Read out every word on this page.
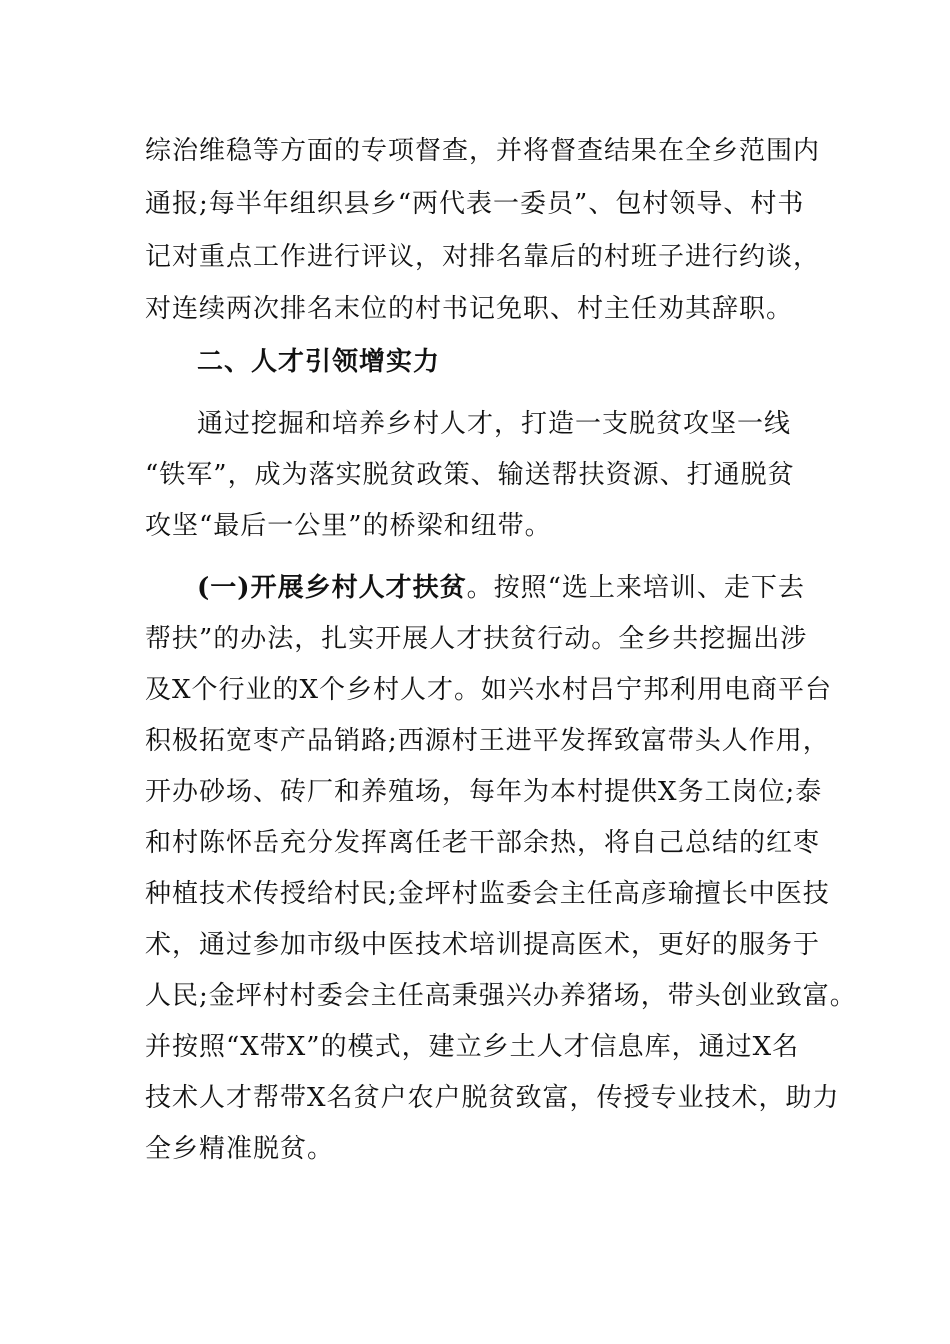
综治维稳等方面的专项督查，并将督查结果在全乡范围内
通报;每半年组织县乡“两代表一委员”、包村领导、村书
记对重点工作进行评议，对排名靠后的村班子进行约谈，
对连续两次排名末位的村书记免职、村主任劝其辞职。
二、人才引领增实力
通过挖掘和培养乡村人才，打造一支脱贫攻坚一线
“铁军”，成为落实脱贫政策、输送帮扶资源、打通脱贫
攻坚“最后一公里”的桥梁和纽带。
(一)开展乡村人才扶贫。按照“选上来培训、走下去
帮扶”的办法，扎实开展人才扶贫行动。全乡共挖掘出涉
及X个行业的X个乡村人才。如兴水村吕宁邦利用电商平台
积极拓宽枣产品销路;西源村王进平发挥致富带头人作用，
开办砂场、砖厂和养殖场，每年为本村提供X务工岗位;泰
和村陈怀岳充分发挥离任老干部余热，将自己总结的红枣
种植技术传授给村民;金坪村监委会主任高彦瑜擅长中医技
术，通过参加市级中医技术培训提高医术，更好的服务于
人民;金坪村村委会主任高秉强兴办养猪场，带头创业致富。
并按照“X带X”的模式，建立乡土人才信息库，通过X名
技术人才帮带X名贫户农户脱贫致富，传授专业技术，助力
全乡精准脱贫。
